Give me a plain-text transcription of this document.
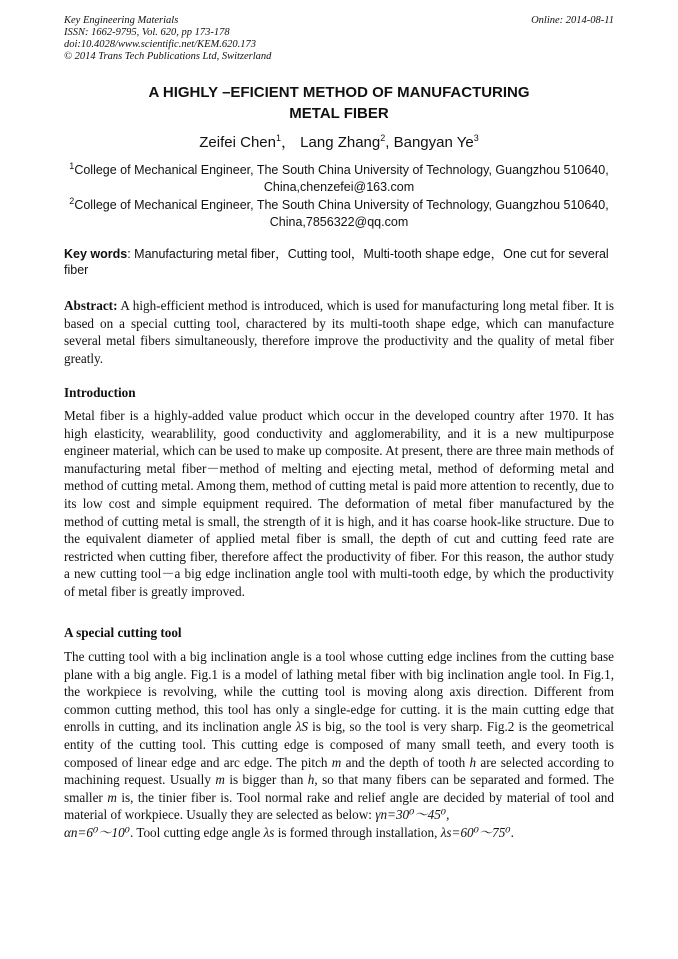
Key Engineering Materials
ISSN: 1662-9795, Vol. 620, pp 173-178
doi:10.4028/www.scientific.net/KEM.620.173
© 2014 Trans Tech Publications Ltd, Switzerland
Online: 2014-08-11
A HIGHLY –EFICIENT METHOD OF MANUFACTURING
METAL FIBER
Zeifei Chen$^1$， Lang Zhang$^2$, Bangyan Ye$^3$
$^1$College of Mechanical Engineer, The South China University of Technology, Guangzhou 510640,
China,chenzefei@163.com
$^2$College of Mechanical Engineer, The South China University of Technology, Guangzhou 510640,
China,7856322@qq.com
Key words: Manufacturing metal fiber，Cutting tool，Multi-tooth shape edge，One cut for several fiber
Abstract: A high-efficient method is introduced, which is used for manufacturing long metal fiber. It is based on a special cutting tool, charactered by its multi-tooth shape edge, which can manufacture several metal fibers simultaneously, therefore improve the productivity and the quality of metal fiber greatly.
Introduction
Metal fiber is a highly-added value product which occur in the developed country after 1970. It has high elasticity, wearablility, good conductivity and agglomerability, and it is a new multipurpose engineer material, which can be used to make up composite. At present, there are three main methods of manufacturing metal fiber－method of melting and ejecting metal, method of deforming metal and method of cutting metal. Among them, method of cutting metal is paid more attention to recently, due to its low cost and simple equipment required. The deformation of metal fiber manufactured by the method of cutting metal is small, the strength of it is high, and it has coarse hook-like structure. Due to the equivalent diameter of applied metal fiber is small, the depth of cut and cutting feed rate are restricted when cutting fiber, therefore affect the productivity of fiber. For this reason, the author study a new cutting tool－a big edge inclination angle tool with multi-tooth edge, by which the productivity of metal fiber is greatly improved.
A special cutting tool
The cutting tool with a big inclination angle is a tool whose cutting edge inclines from the cutting base plane with a big angle. Fig.1 is a model of lathing metal fiber with big inclination angle tool. In Fig.1, the workpiece is revolving, while the cutting tool is moving along axis direction. Different from common cutting method, this tool has only a single-edge for cutting. it is the main cutting edge that enrolls in cutting, and its inclination angle λS is big, so the tool is very sharp. Fig.2 is the geometrical entity of the cutting tool. This cutting edge is composed of many small teeth, and every tooth is composed of linear edge and arc edge. The pitch m and the depth of tooth h are selected according to machining request. Usually m is bigger than h, so that many fibers can be separated and formed. The smaller m is, the tinier fiber is. Tool normal rake and relief angle are decided by material of tool and material of workpiece. Usually they are selected as below: γn=30⁰～45⁰,
αn=6⁰～10⁰. Tool cutting edge angle λs is formed through installation, λs=60⁰～75⁰.
